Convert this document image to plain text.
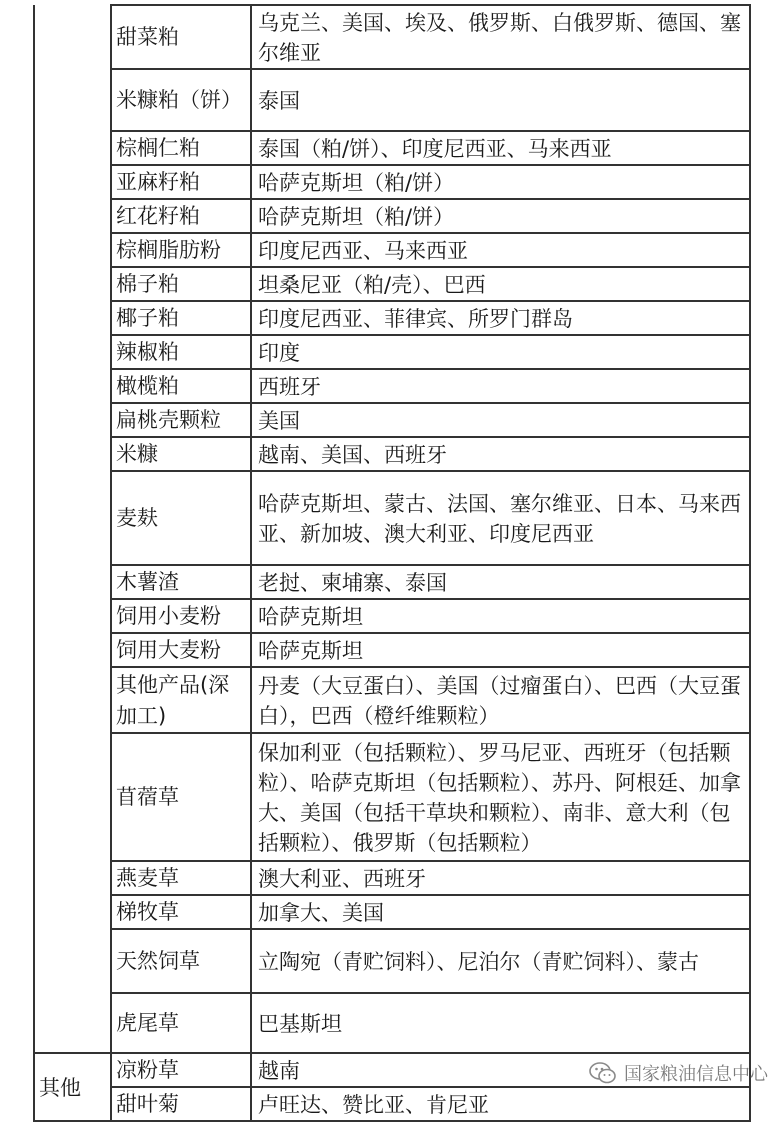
	甜菜粕	乌克兰、美国、埃及、俄罗斯、白俄罗斯、德国、塞尔维亚
	米糠粕（饼）	泰国
	棕榈仁粕	泰国（粕/饼）、印度尼西亚、马来西亚
	亚麻籽粕	哈萨克斯坦（粕/饼）
	红花籽粕	哈萨克斯坦（粕/饼）
	棕榈脂肪粉	印度尼西亚、马来西亚
	棉子粕	坦桑尼亚（粕/壳）、巴西
	椰子粕	印度尼西亚、菲律宾、所罗门群岛
	辣椒粕	印度
	橄榄粕	西班牙
	扁桃壳颗粒	美国
	米糠	越南、美国、西班牙
	麦麸	哈萨克斯坦、蒙古、法国、塞尔维亚、日本、马来西亚、新加坡、澳大利亚、印度尼西亚
	木薯渣	老挝、柬埔寨、泰国
	饲用小麦粉	哈萨克斯坦
	饲用大麦粉	哈萨克斯坦
	其他产品(深加工)	丹麦（大豆蛋白）、美国（过瘤蛋白）、巴西（大豆蛋白），巴西（橙纤维颗粒）
	苜蓿草	保加利亚（包括颗粒）、罗马尼亚、西班牙（包括颗粒）、哈萨克斯坦（包括颗粒）、苏丹、阿根廷、加拿大、美国（包括干草块和颗粒）、南非、意大利（包括颗粒）、俄罗斯（包括颗粒）
	燕麦草	澳大利亚、西班牙
	梯牧草	加拿大、美国
	天然饲草	立陶宛（青贮饲料）、尼泊尔（青贮饲料）、蒙古
	虎尾草	巴基斯坦
其他	凉粉草	越南
	甜叶菊	卢旺达、赞比亚、肯尼亚
国家粮油信息中心
